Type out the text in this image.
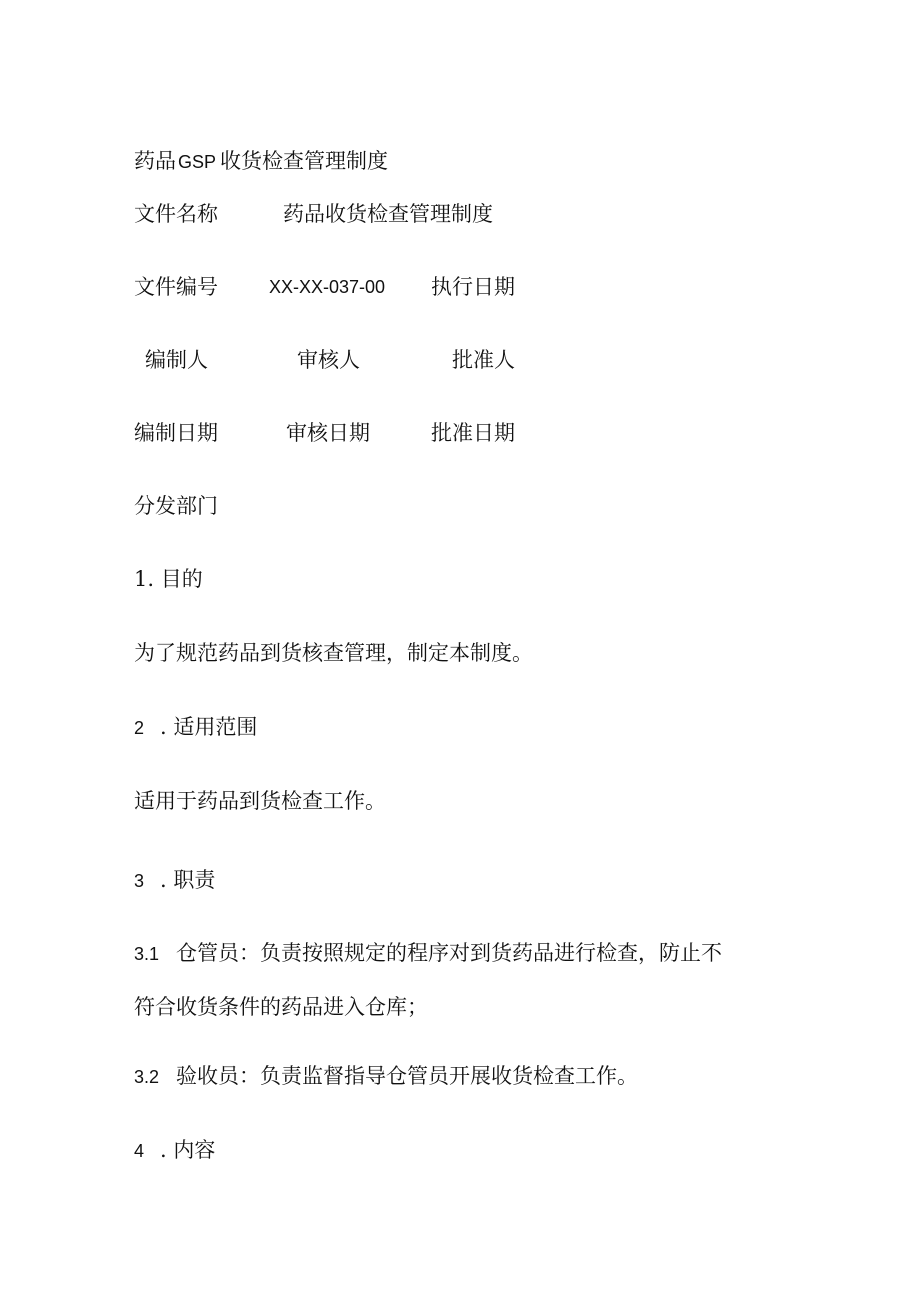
药品 GSP 收货检查管理制度
文件名称	药品收货检查管理制度
文件编号	XX-XX-037-00 执行日期
编制人	审核人	批准人
编制日期	审核日期	批准日期
分发部门
1. 目的
为了规范药品到货核查管理，制定本制度。
2 . 适用范围
适用于药品到货检查工作。
3 . 职责
3.1 仓管员：负责按照规定的程序对到货药品进行检查，防止不
符合收货条件的药品进入仓库；
3.2 验收员：负责监督指导仓管员开展收货检查工作。
4 . 内容
